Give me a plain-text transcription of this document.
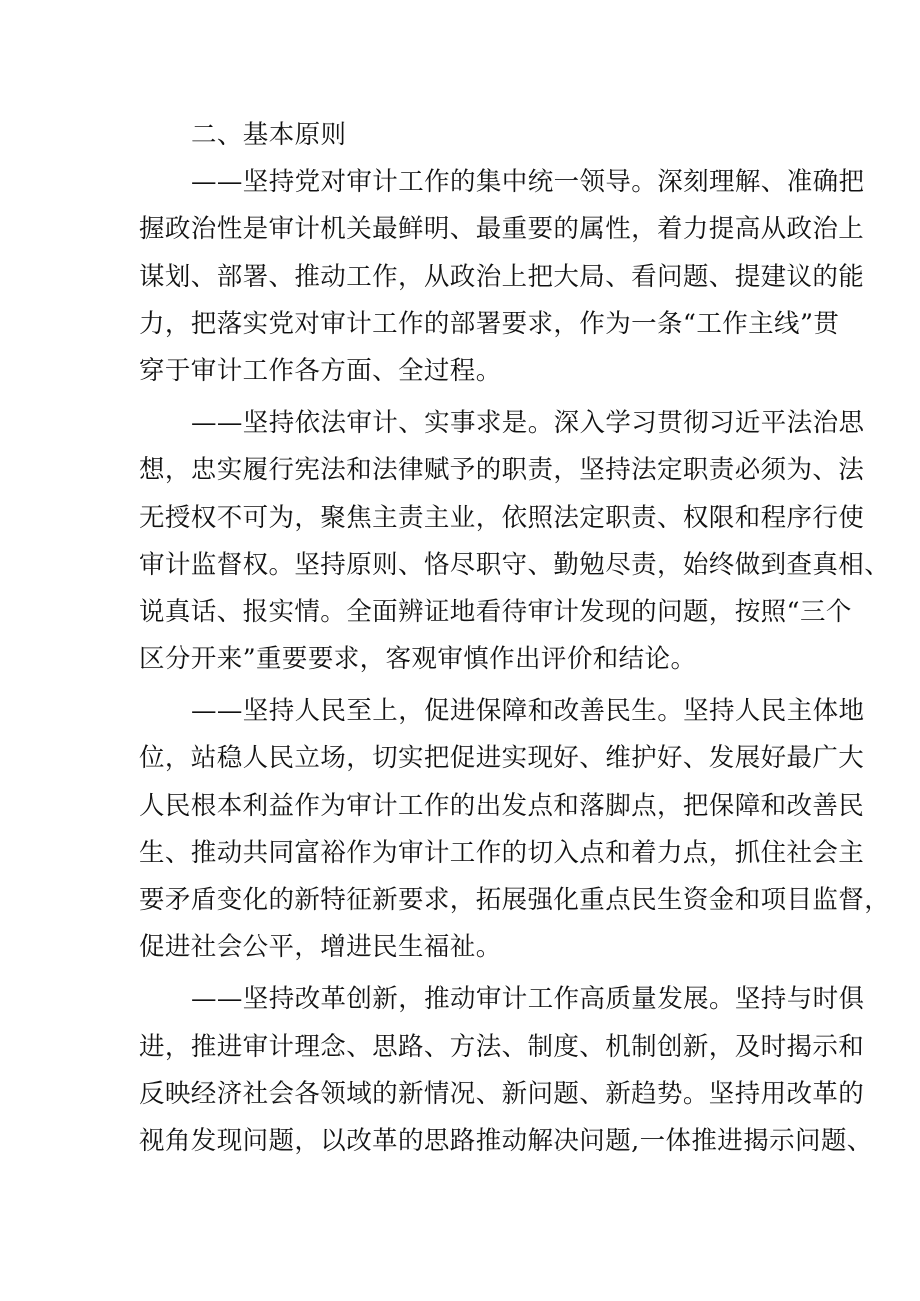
二、基本原则
——坚持党对审计工作的集中统一领导。深刻理解、准确把
握政治性是审计机关最鲜明、最重要的属性，着力提高从政治上
谋划、部署、推动工作，从政治上把大局、看问题、提建议的能
力，把落实党对审计工作的部署要求，作为一条“工作主线”贯
穿于审计工作各方面、全过程。
——坚持依法审计、实事求是。深入学习贯彻习近平法治思
想，忠实履行宪法和法律赋予的职责，坚持法定职责必须为、法
无授权不可为，聚焦主责主业，依照法定职责、权限和程序行使
审计监督权。坚持原则、恪尽职守、勤勉尽责，始终做到查真相、
说真话、报实情。全面辨证地看待审计发现的问题，按照“三个
区分开来”重要要求，客观审慎作出评价和结论。
——坚持人民至上，促进保障和改善民生。坚持人民主体地
位，站稳人民立场，切实把促进实现好、维护好、发展好最广大
人民根本利益作为审计工作的出发点和落脚点，把保障和改善民
生、推动共同富裕作为审计工作的切入点和着力点，抓住社会主
要矛盾变化的新特征新要求，拓展强化重点民生资金和项目监督，
促进社会公平，增进民生福祉。
——坚持改革创新，推动审计工作高质量发展。坚持与时俱
进，推进审计理念、思路、方法、制度、机制创新，及时揭示和
反映经济社会各领域的新情况、新问题、新趋势。坚持用改革的
视角发现问题，以改革的思路推动解决问题,一体推进揭示问题、
